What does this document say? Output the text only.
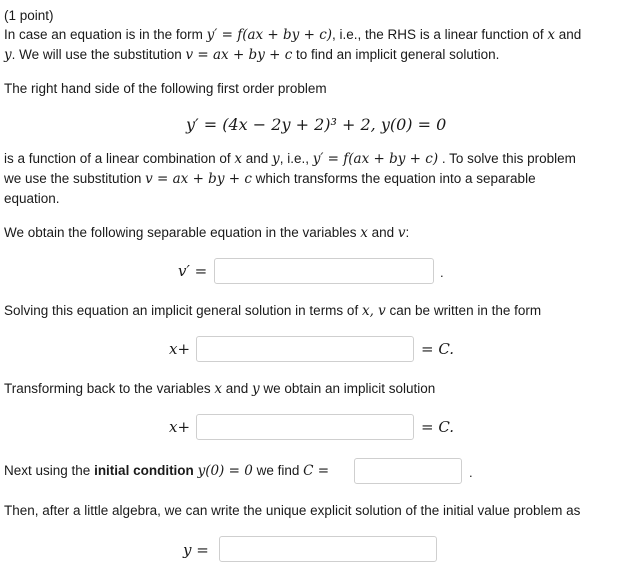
(1 point)
In case an equation is in the form y′ = f(ax + by + c), i.e., the RHS is a linear function of x and
y. We will use the substitution v = ax + by + c to find an implicit general solution.
The right hand side of the following first order problem
y′ = (4x − 2y + 2)³ + 2, y(0) = 0
is a function of a linear combination of x and y, i.e., y′ = f(ax + by + c) . To solve this problem
we use the substitution v = ax + by + c which transforms the equation into a separable
equation.
We obtain the following separable equation in the variables x and v:
v′ =	.
Solving this equation an implicit general solution in terms of x, v can be written in the form
x+	= C.
Transforming back to the variables x and y we obtain an implicit solution
x+	= C.
Next using the initial condition y(0) = 0 we find C =	.
Then, after a little algebra, we can write the unique explicit solution of the initial value problem as
y =
